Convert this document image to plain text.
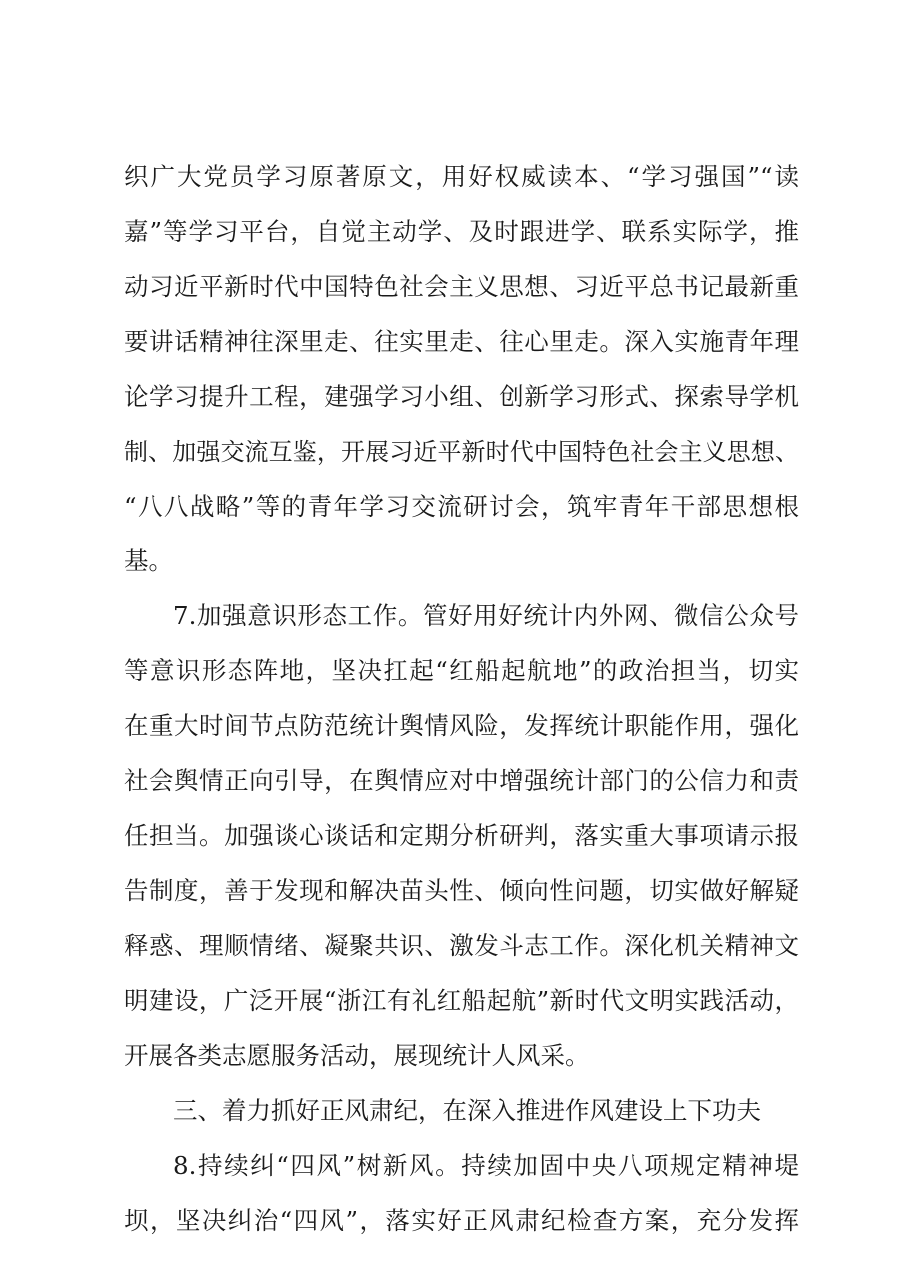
织广大党员学习原著原文，用好权威读本、“学习强国”“读
嘉”等学习平台，自觉主动学、及时跟进学、联系实际学，推
动习近平新时代中国特色社会主义思想、习近平总书记最新重
要讲话精神往深里走、往实里走、往心里走。深入实施青年理
论学习提升工程，建强学习小组、创新学习形式、探索导学机
制、加强交流互鉴，开展习近平新时代中国特色社会主义思想、
“八八战略”等的青年学习交流研讨会，筑牢青年干部思想根
基。
7.加强意识形态工作。管好用好统计内外网、微信公众号
等意识形态阵地，坚决扛起“红船起航地”的政治担当，切实
在重大时间节点防范统计舆情风险，发挥统计职能作用，强化
社会舆情正向引导，在舆情应对中增强统计部门的公信力和责
任担当。加强谈心谈话和定期分析研判，落实重大事项请示报
告制度，善于发现和解决苗头性、倾向性问题，切实做好解疑
释惑、理顺情绪、凝聚共识、激发斗志工作。深化机关精神文
明建设，广泛开展“浙江有礼红船起航”新时代文明实践活动，
开展各类志愿服务活动，展现统计人风采。
三、着力抓好正风肃纪，在深入推进作风建设上下功夫
8.持续纠“四风”树新风。持续加固中央八项规定精神堤
坝，坚决纠治“四风”，落实好正风肃纪检查方案，充分发挥
